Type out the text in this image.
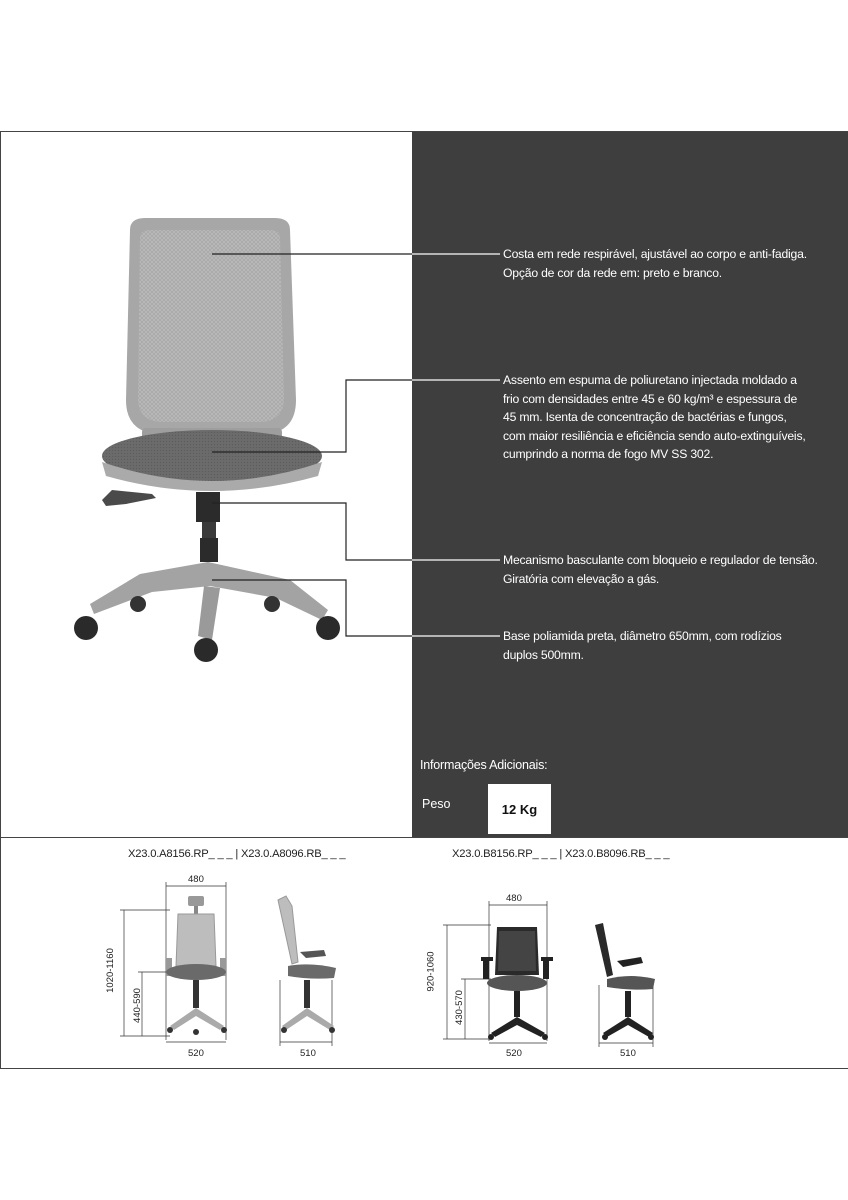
Costa em rede respirável, ajustável ao corpo e anti-fadiga.
Opção de cor da rede em: preto e branco.

Assento em espuma de poliuretano injectada moldado a
frio com densidades entre 45 e 60 kg/m³ e espessura de
45 mm. Isenta de concentração de bactérias e fungos,
com maior resiliência e eficiência sendo auto-extinguíveis,
cumprindo a norma de fogo MV SS 302.

Mecanismo basculante com bloqueio e regulador de tensão.
Giratória com elevação a gás.

Base poliamida preta, diâmetro 650mm, com rodízios
duplos 500mm.

Informações Adicionais:
Peso	12 Kg
X23.0.A8156.RP_ _ _ | X23.0.A8096.RB_ _ _	X23.0.B8156.RP_ _ _ | X23.0.B8096.RB_ _ _
480
1020-1160
440-590
520	510
480
920-1060
430-570
520	510
